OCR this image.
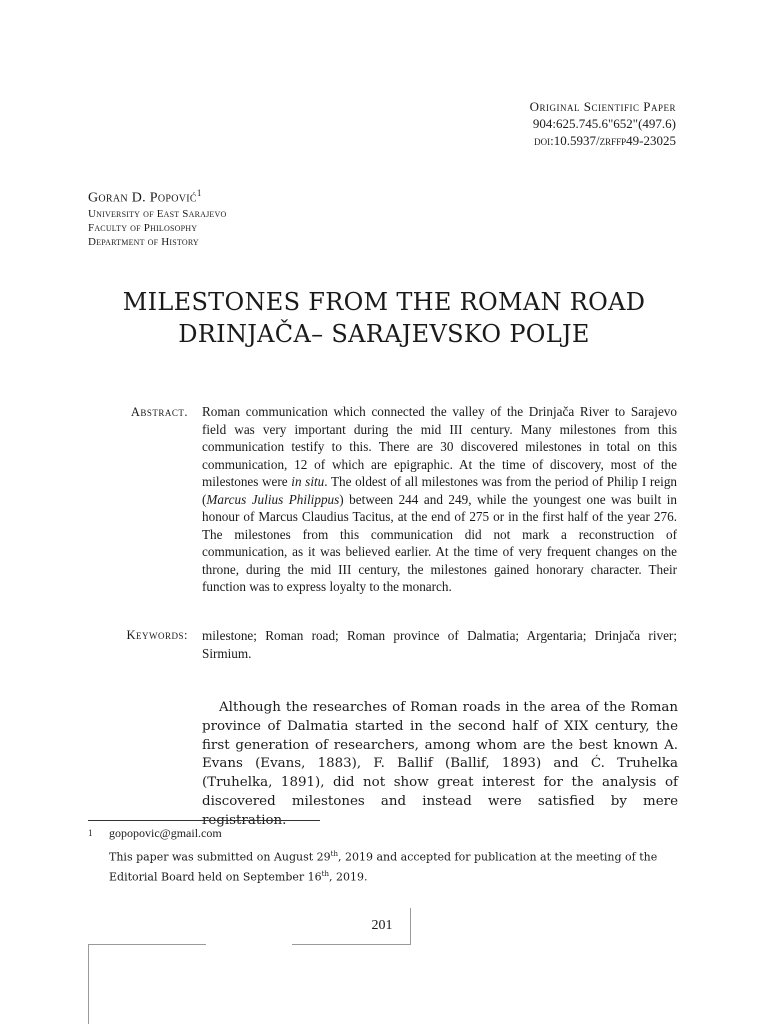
Original Scientific Paper
904:625.745.6"652"(497.6)
doi:10.5937/zrffp49-23025
Goran D. Popović$^1$
University of East Sarajevo
Faculty of Philosophy
Department of History
MILESTONES FROM THE ROMAN ROAD
DRINJAČA– SARAJEVSKO POLJE
Abstract. Roman communication which connected the valley of the Drinjača River to Sarajevo field was very important during the mid III century. Many milestones from this communication testify to this. There are 30 discovered milestones in total on this communication, 12 of which are epigraphic. At the time of discovery, most of the milestones were in situ. The oldest of all milestones was from the period of Philip I reign (Marcus Julius Philippus) between 244 and 249, while the youngest one was built in honour of Marcus Claudius Tacitus, at the end of 275 or in the first half of the year 276. The milestones from this communication did not mark a reconstruction of communication, as it was believed earlier. At the time of very frequent changes on the throne, during the mid III century, the milestones gained honorary character. Their function was to express loyalty to the monarch.

Keywords: milestone; Roman road; Roman province of Dalmatia; Argentaria; Drinjača river; Sirmium.

Although the researches of Roman roads in the area of the Roman province of Dalmatia started in the second half of XIX century, the first generation of researchers, among whom are the best known A. Evans (Evans, 1883), F. Ballif (Ballif, 1893) and Ć. Truhelka (Truhelka, 1891), did not show great interest for the analysis of discovered milestones and instead were satisfied by mere registration.

1 gopopovic@gmail.com

This paper was submitted on August 29th, 2019 and accepted for publication at the meeting of the Editorial Board held on September 16th, 2019.

201
